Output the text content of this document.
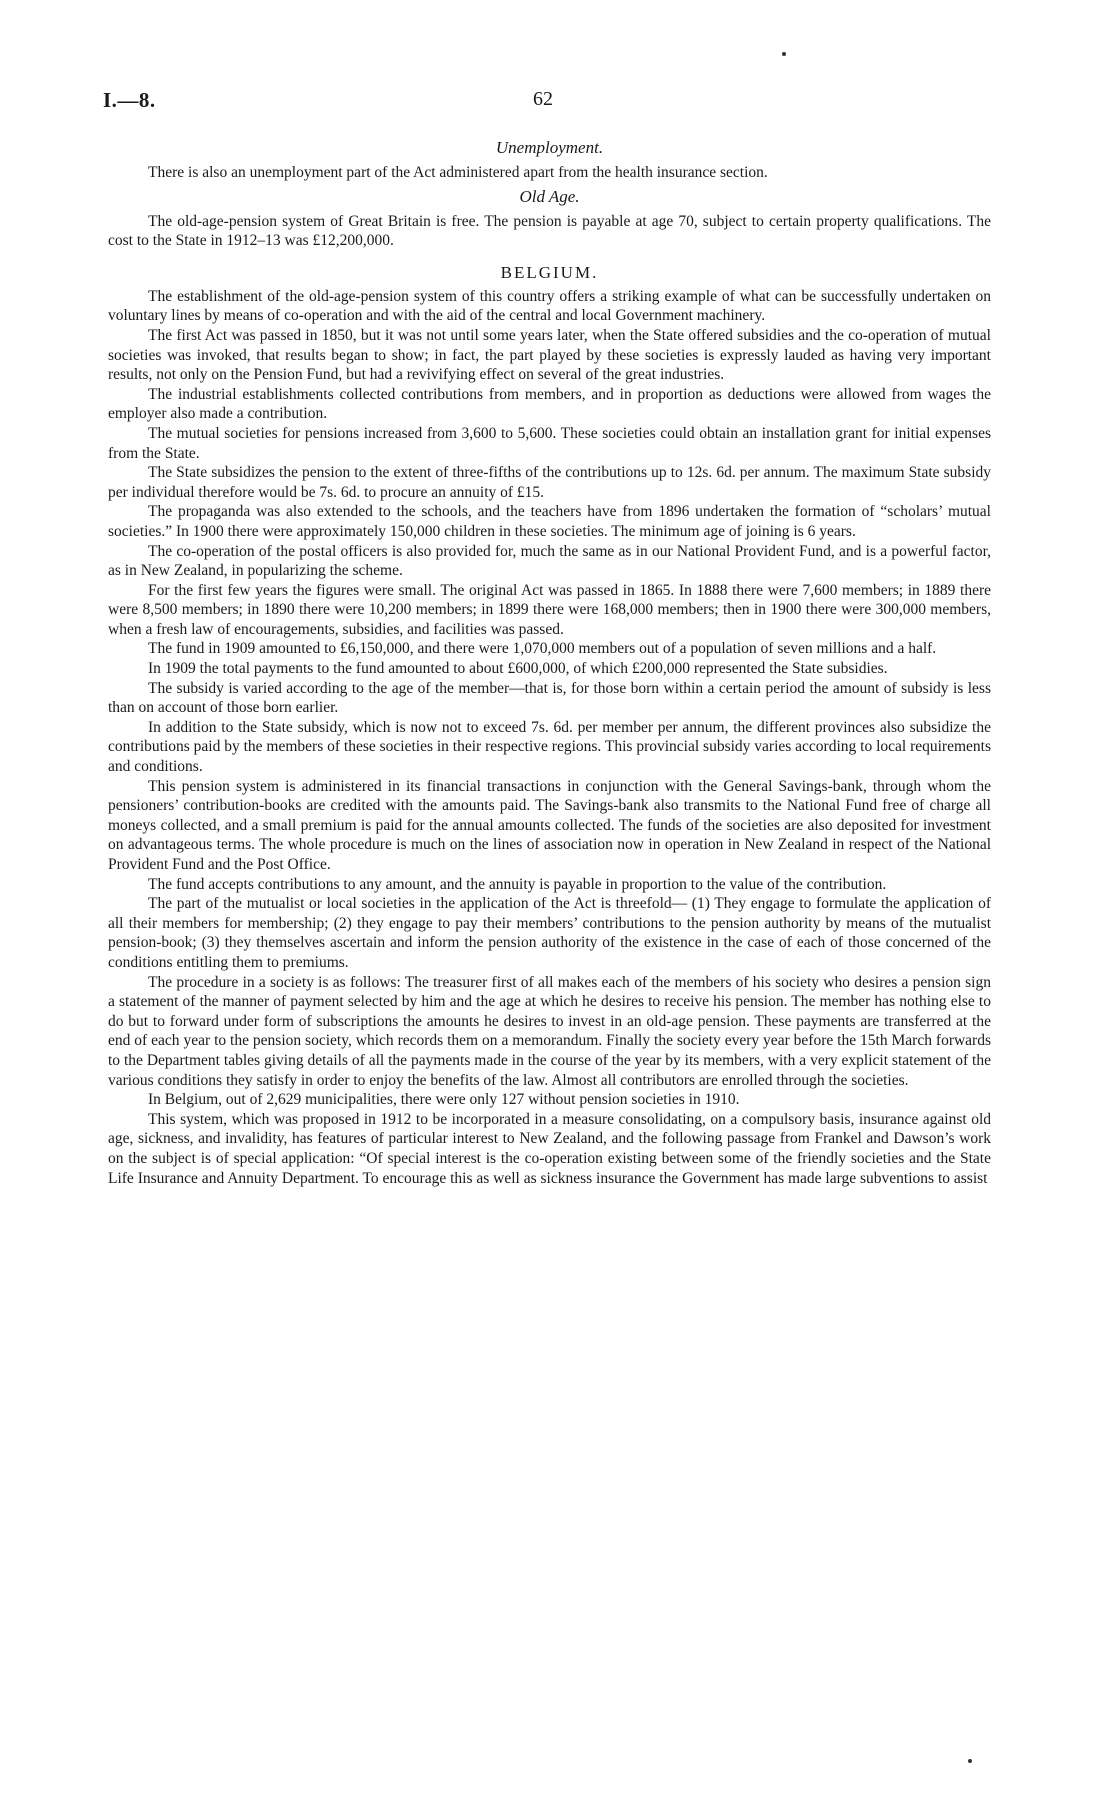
I.—8.	62
Unemployment.

There is also an unemployment part of the Act administered apart from the health insurance section.

Old Age.

The old-age-pension system of Great Britain is free. The pension is payable at age 70, subject to certain property qualifications. The cost to the State in 1912–13 was £12,200,000.

BELGIUM.

The establishment of the old-age-pension system of this country offers a striking example of what can be successfully undertaken on voluntary lines by means of co-operation and with the aid of the central and local Government machinery.

The first Act was passed in 1850, but it was not until some years later, when the State offered subsidies and the co-operation of mutual societies was invoked, that results began to show; in fact, the part played by these societies is expressly lauded as having very important results, not only on the Pension Fund, but had a revivifying effect on several of the great industries.

The industrial establishments collected contributions from members, and in proportion as deductions were allowed from wages the employer also made a contribution.

The mutual societies for pensions increased from 3,600 to 5,600. These societies could obtain an installation grant for initial expenses from the State.

The State subsidizes the pension to the extent of three-fifths of the contributions up to 12s. 6d. per annum. The maximum State subsidy per individual therefore would be 7s. 6d. to procure an annuity of £15.

The propaganda was also extended to the schools, and the teachers have from 1896 undertaken the formation of “scholars’ mutual societies.” In 1900 there were approximately 150,000 children in these societies. The minimum age of joining is 6 years.

The co-operation of the postal officers is also provided for, much the same as in our National Provident Fund, and is a powerful factor, as in New Zealand, in popularizing the scheme.

For the first few years the figures were small. The original Act was passed in 1865. In 1888 there were 7,600 members; in 1889 there were 8,500 members; in 1890 there were 10,200 members; in 1899 there were 168,000 members; then in 1900 there were 300,000 members, when a fresh law of encouragements, subsidies, and facilities was passed.

The fund in 1909 amounted to £6,150,000, and there were 1,070,000 members out of a population of seven millions and a half.

In 1909 the total payments to the fund amounted to about £600,000, of which £200,000 represented the State subsidies.

The subsidy is varied according to the age of the member—that is, for those born within a certain period the amount of subsidy is less than on account of those born earlier.

In addition to the State subsidy, which is now not to exceed 7s. 6d. per member per annum, the different provinces also subsidize the contributions paid by the members of these societies in their respective regions. This provincial subsidy varies according to local requirements and conditions.

This pension system is administered in its financial transactions in conjunction with the General Savings-bank, through whom the pensioners’ contribution-books are credited with the amounts paid. The Savings-bank also transmits to the National Fund free of charge all moneys collected, and a small premium is paid for the annual amounts collected. The funds of the societies are also deposited for investment on advantageous terms. The whole procedure is much on the lines of association now in operation in New Zealand in respect of the National Provident Fund and the Post Office.

The fund accepts contributions to any amount, and the annuity is payable in proportion to the value of the contribution.

The part of the mutualist or local societies in the application of the Act is threefold— (1) They engage to formulate the application of all their members for membership; (2) they engage to pay their members’ contributions to the pension authority by means of the mutualist pension-book; (3) they themselves ascertain and inform the pension authority of the existence in the case of each of those concerned of the conditions entitling them to premiums.

The procedure in a society is as follows: The treasurer first of all makes each of the members of his society who desires a pension sign a statement of the manner of payment selected by him and the age at which he desires to receive his pension. The member has nothing else to do but to forward under form of subscriptions the amounts he desires to invest in an old-age pension. These payments are transferred at the end of each year to the pension society, which records them on a memorandum. Finally the society every year before the 15th March forwards to the Department tables giving details of all the payments made in the course of the year by its members, with a very explicit statement of the various conditions they satisfy in order to enjoy the benefits of the law. Almost all contributors are enrolled through the societies.

In Belgium, out of 2,629 municipalities, there were only 127 without pension societies in 1910.

This system, which was proposed in 1912 to be incorporated in a measure consolidating, on a compulsory basis, insurance against old age, sickness, and invalidity, has features of particular interest to New Zealand, and the following passage from Frankel and Dawson’s work on the subject is of special application: “Of special interest is the co-operation existing between some of the friendly societies and the State Life Insurance and Annuity Department. To encourage this as well as sickness insurance the Government has made large subventions to assist
